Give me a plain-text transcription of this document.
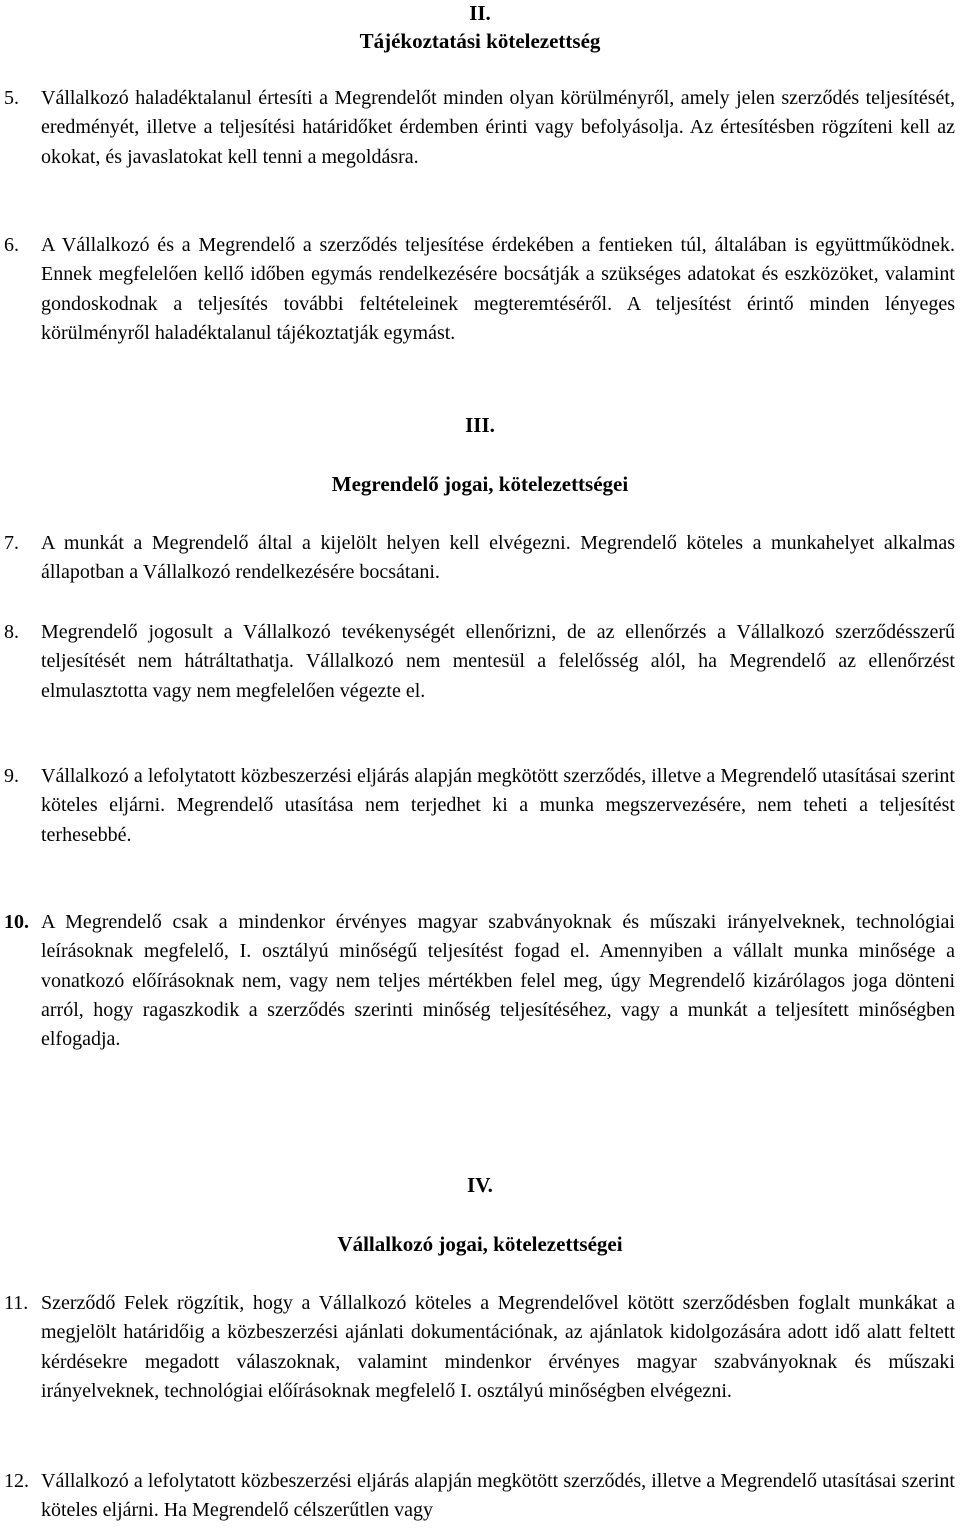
II.
Tájékoztatási kötelezettség

5. Vállalkozó haladéktalanul értesíti a Megrendelőt minden olyan körülményről, amely jelen szerződés teljesítését, eredményét, illetve a teljesítési határidőket érdemben érinti vagy befolyásolja. Az értesítésben rögzíteni kell az okokat, és javaslatokat kell tenni a megoldásra.

6. A Vállalkozó és a Megrendelő a szerződés teljesítése érdekében a fentieken túl, általában is együttműködnek. Ennek megfelelően kellő időben egymás rendelkezésére bocsátják a szükséges adatokat és eszközöket, valamint gondoskodnak a teljesítés további feltételeinek megteremtéséről. A teljesítést érintő minden lényeges körülményről haladéktalanul tájékoztatják egymást.

III.
Megrendelő jogai, kötelezettségei

7. A munkát a Megrendelő által a kijelölt helyen kell elvégezni. Megrendelő köteles a munkahelyet alkalmas állapotban a Vállalkozó rendelkezésére bocsátani.

8. Megrendelő jogosult a Vállalkozó tevékenységét ellenőrizni, de az ellenőrzés a Vállalkozó szerződésszerű teljesítését nem hátráltathatja. Vállalkozó nem mentesül a felelősség alól, ha Megrendelő az ellenőrzést elmulasztotta vagy nem megfelelően végezte el.

9. Vállalkozó a lefolytatott közbeszerzési eljárás alapján megkötött szerződés, illetve a Megrendelő utasításai szerint köteles eljárni. Megrendelő utasítása nem terjedhet ki a munka megszervezésére, nem teheti a teljesítést terhesebbé.

10. A Megrendelő csak a mindenkor érvényes magyar szabványoknak és műszaki irányelveknek, technológiai leírásoknak megfelelő, I. osztályú minőségű teljesítést fogad el. Amennyiben a vállalt munka minősége a vonatkozó előírásoknak nem, vagy nem teljes mértékben felel meg, úgy Megrendelő kizárólagos joga dönteni arról, hogy ragaszkodik a szerződés szerinti minőség teljesítéséhez, vagy a munkát a teljesített minőségben elfogadja.

IV.
Vállalkozó jogai, kötelezettségei

11. Szerződő Felek rögzítik, hogy a Vállalkozó köteles a Megrendelővel kötött szerződésben foglalt munkákat a megjelölt határidőig a közbeszerzési ajánlati dokumentációnak, az ajánlatok kidolgozására adott idő alatt feltett kérdésekre megadott válaszoknak, valamint mindenkor érvényes magyar szabványoknak és műszaki irányelveknek, technológiai előírásoknak megfelelő I. osztályú minőségben elvégezni.

12. Vállalkozó a lefolytatott közbeszerzési eljárás alapján megkötött szerződés, illetve a Megrendelő utasításai szerint köteles eljárni. Ha Megrendelő célszerűtlen vagy
